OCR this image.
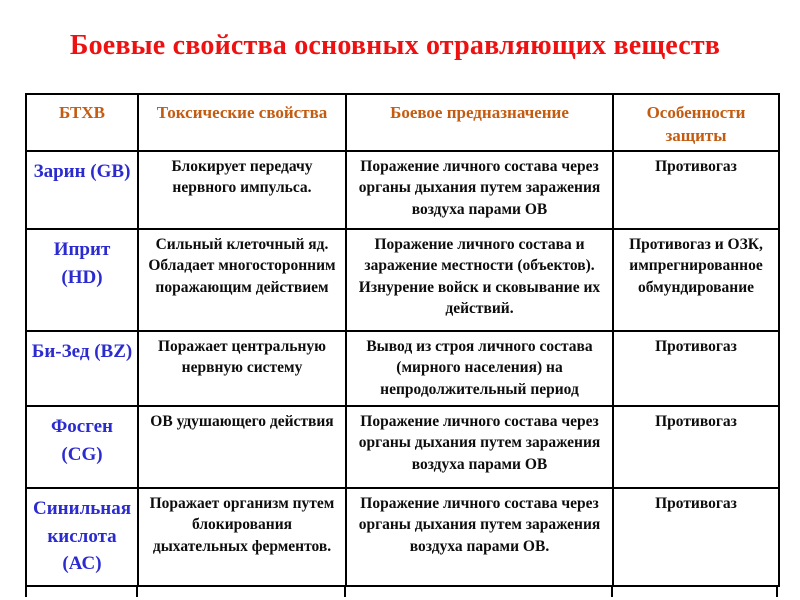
Боевые свойства основных отравляющих веществ
БТХВ	Токсические свойства	Боевое предназначение	Особенности защиты
Зарин (GB)	Блокирует передачу нервного импульса.	Поражение личного состава через органы дыхания путем заражения воздуха парами ОВ	Противогаз
Иприт (HD)	Сильный клеточный яд. Обладает многосторонним поражающим действием	Поражение личного состава и заражение местности (объектов). Изнурение войск и сковывание их действий.	Противогаз и ОЗК, импрегнированное обмундирование
Би-Зед (BZ)	Поражает центральную нервную систему	Вывод из строя личного состава (мирного населения) на непродолжительный период	Противогаз
Фосген (CG)	ОВ удушающего действия	Поражение личного состава через органы дыхания путем заражения воздуха парами ОВ	Противогаз
Синильная кислота (АС)	Поражает организм путем блокирования дыхательных ферментов.	Поражение личного состава через органы дыхания путем заражения воздуха парами ОВ.	Противогаз
